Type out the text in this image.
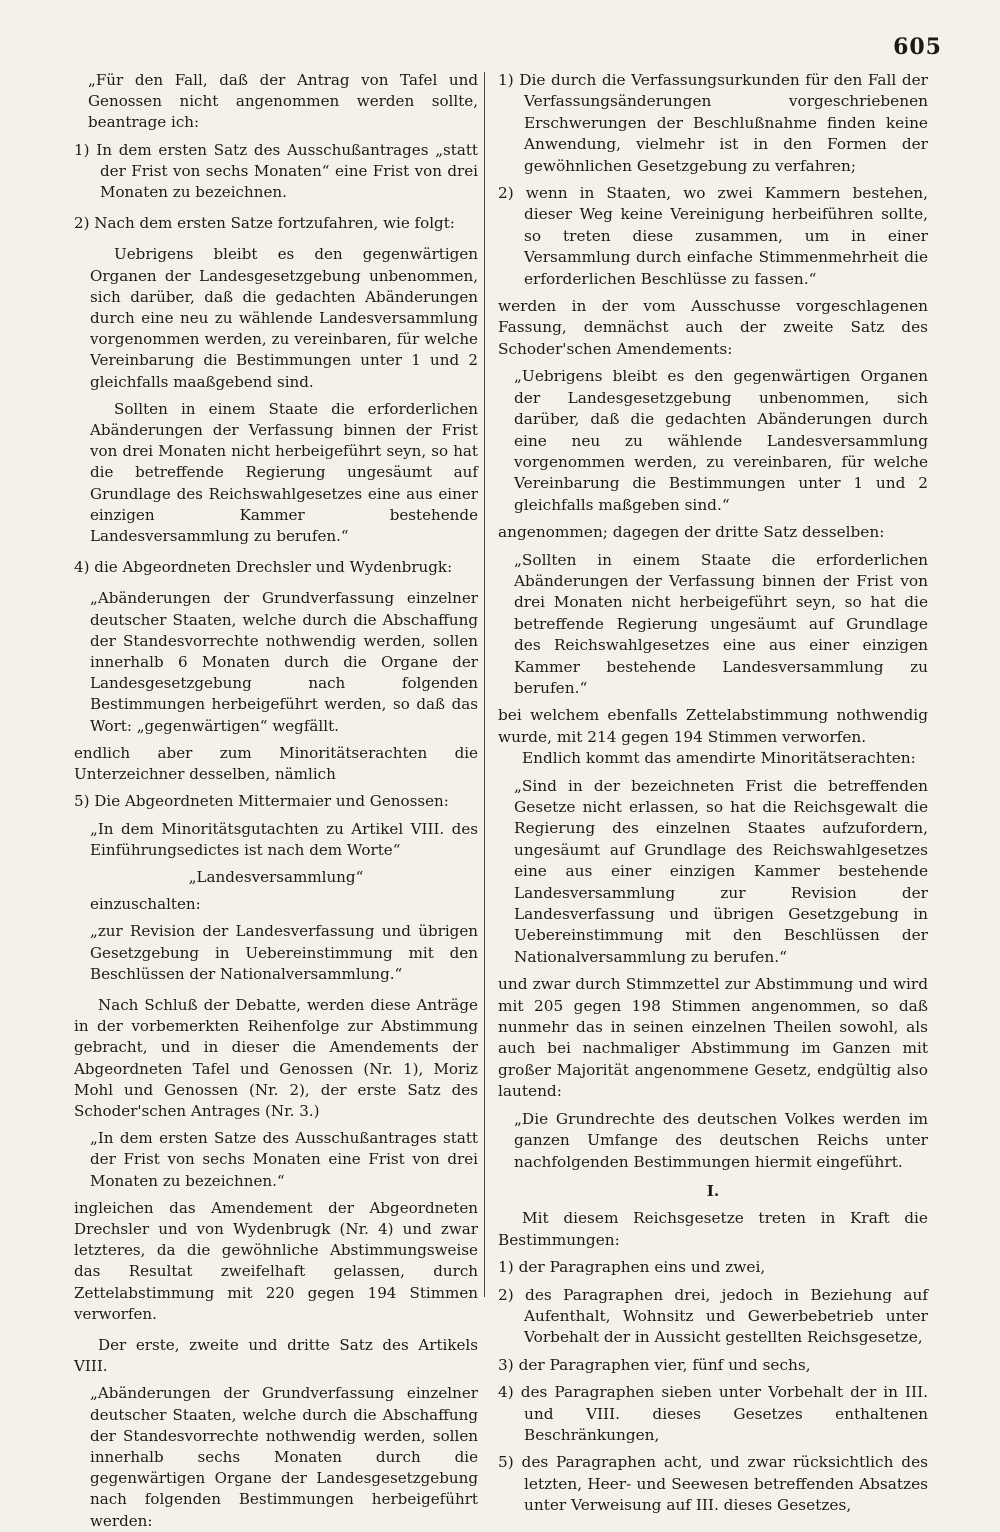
605

„Für den Fall, daß der Antrag von Tafel und Genossen nicht angenommen werden sollte, beantrage ich:

1) In dem ersten Satz des Ausschußantrages „statt der Frist von sechs Monaten“ eine Frist von drei Monaten zu bezeichnen.

2) Nach dem ersten Satze fortzufahren, wie folgt:

Uebrigens bleibt es den gegenwärtigen Organen der Landesgesetzgebung unbenommen, sich darüber, daß die gedachten Abänderungen durch eine neu zu wählende Landesversammlung vorgenommen werden, zu vereinbaren, für welche Vereinbarung die Bestimmungen unter 1 und 2 gleichfalls maaßgebend sind.

Sollten in einem Staate die erforderlichen Abänderungen der Verfassung binnen der Frist von drei Monaten nicht herbeigeführt seyn, so hat die betreffende Regierung ungesäumt auf Grundlage des Reichswahlgesetzes eine aus einer einzigen Kammer bestehende Landesversammlung zu berufen.“

4) die Abgeordneten Drechsler und Wydenbrugk:

„Abänderungen der Grundverfassung einzelner deutscher Staaten, welche durch die Abschaffung der Standesvorrechte nothwendig werden, sollen innerhalb 6 Monaten durch die Organe der Landesgesetzgebung nach folgenden Bestimmungen herbeigeführt werden, so daß das Wort: „gegenwärtigen“ wegfällt.

endlich aber zum Minoritätserachten die Unterzeichner desselben, nämlich

5) Die Abgeordneten Mittermaier und Genossen:

„In dem Minoritätsgutachten zu Artikel VIII. des Einführungsedictes ist nach dem Worte“

„Landesversammlung“

einzuschalten:

„zur Revision der Landesverfassung und übrigen Gesetzgebung in Uebereinstimmung mit den Beschlüssen der Nationalversammlung.“

Nach Schluß der Debatte, werden diese Anträge in der vorbemerkten Reihenfolge zur Abstimmung gebracht, und in dieser die Amendements der Abgeordneten Tafel und Genossen (Nr. 1), Moriz Mohl und Genossen (Nr. 2), der erste Satz des Schoder'schen Antrages (Nr. 3.)

„In dem ersten Satze des Ausschußantrages statt der Frist von sechs Monaten eine Frist von drei Monaten zu bezeichnen.“

ingleichen das Amendement der Abgeordneten Drechsler und von Wydenbrugk (Nr. 4) und zwar letzteres, da die gewöhnliche Abstimmungsweise das Resultat zweifelhaft gelassen, durch Zettelabstimmung mit 220 gegen 194 Stimmen verworfen.

Der erste, zweite und dritte Satz des Artikels VIII.

„Abänderungen der Grundverfassung einzelner deutscher Staaten, welche durch die Abschaffung der Standesvorrechte nothwendig werden, sollen innerhalb sechs Monaten durch die gegenwärtigen Organe der Landesgesetzgebung nach folgenden Bestimmungen herbeigeführt werden:

1) Die durch die Verfassungsurkunden für den Fall der Verfassungsänderungen vorgeschriebenen Erschwerungen der Beschlußnahme finden keine Anwendung, vielmehr ist in den Formen der gewöhnlichen Gesetzgebung zu verfahren;

2) wenn in Staaten, wo zwei Kammern bestehen, dieser Weg keine Vereinigung herbeiführen sollte, so treten diese zusammen, um in einer Versammlung durch einfache Stimmenmehrheit die erforderlichen Beschlüsse zu fassen.“

werden in der vom Ausschusse vorgeschlagenen Fassung, demnächst auch der zweite Satz des Schoder'schen Amendements:

„Uebrigens bleibt es den gegenwärtigen Organen der Landesgesetzgebung unbenommen, sich darüber, daß die gedachten Abänderungen durch eine neu zu wählende Landesversammlung vorgenommen werden, zu vereinbaren, für welche Vereinbarung die Bestimmungen unter 1 und 2 gleichfalls maßgeben sind.“

angenommen; dagegen der dritte Satz desselben:

„Sollten in einem Staate die erforderlichen Abänderungen der Verfassung binnen der Frist von drei Monaten nicht herbeigeführt seyn, so hat die betreffende Regierung ungesäumt auf Grundlage des Reichswahlgesetzes eine aus einer einzigen Kammer bestehende Landesversammlung zu berufen.“

bei welchem ebenfalls Zettelabstimmung nothwendig wurde, mit 214 gegen 194 Stimmen verworfen.

Endlich kommt das amendirte Minoritätserachten:

„Sind in der bezeichneten Frist die betreffenden Gesetze nicht erlassen, so hat die Reichsgewalt die Regierung des einzelnen Staates aufzufordern, ungesäumt auf Grundlage des Reichswahlgesetzes eine aus einer einzigen Kammer bestehende Landesversammlung zur Revision der Landesverfassung und übrigen Gesetzgebung in Uebereinstimmung mit den Beschlüssen der Nationalversammlung zu berufen.“

und zwar durch Stimmzettel zur Abstimmung und wird mit 205 gegen 198 Stimmen angenommen, so daß nunmehr das in seinen einzelnen Theilen sowohl, als auch bei nachmaliger Abstimmung im Ganzen mit großer Majorität angenommene Gesetz, endgültig also lautend:

„Die Grundrechte des deutschen Volkes werden im ganzen Umfange des deutschen Reichs unter nachfolgenden Bestimmungen hiermit eingeführt.

I.

Mit diesem Reichsgesetze treten in Kraft die Bestimmungen:

1) der Paragraphen eins und zwei,

2) des Paragraphen drei, jedoch in Beziehung auf Aufenthalt, Wohnsitz und Gewerbebetrieb unter Vorbehalt der in Aussicht gestellten Reichsgesetze,

3) der Paragraphen vier, fünf und sechs,

4) des Paragraphen sieben unter Vorbehalt der in III. und VIII. dieses Gesetzes enthaltenen Beschränkungen,

5) des Paragraphen acht, und zwar rücksichtlich des letzten, Heer- und Seewesen betreffenden Absatzes unter Verweisung auf III. dieses Gesetzes,
